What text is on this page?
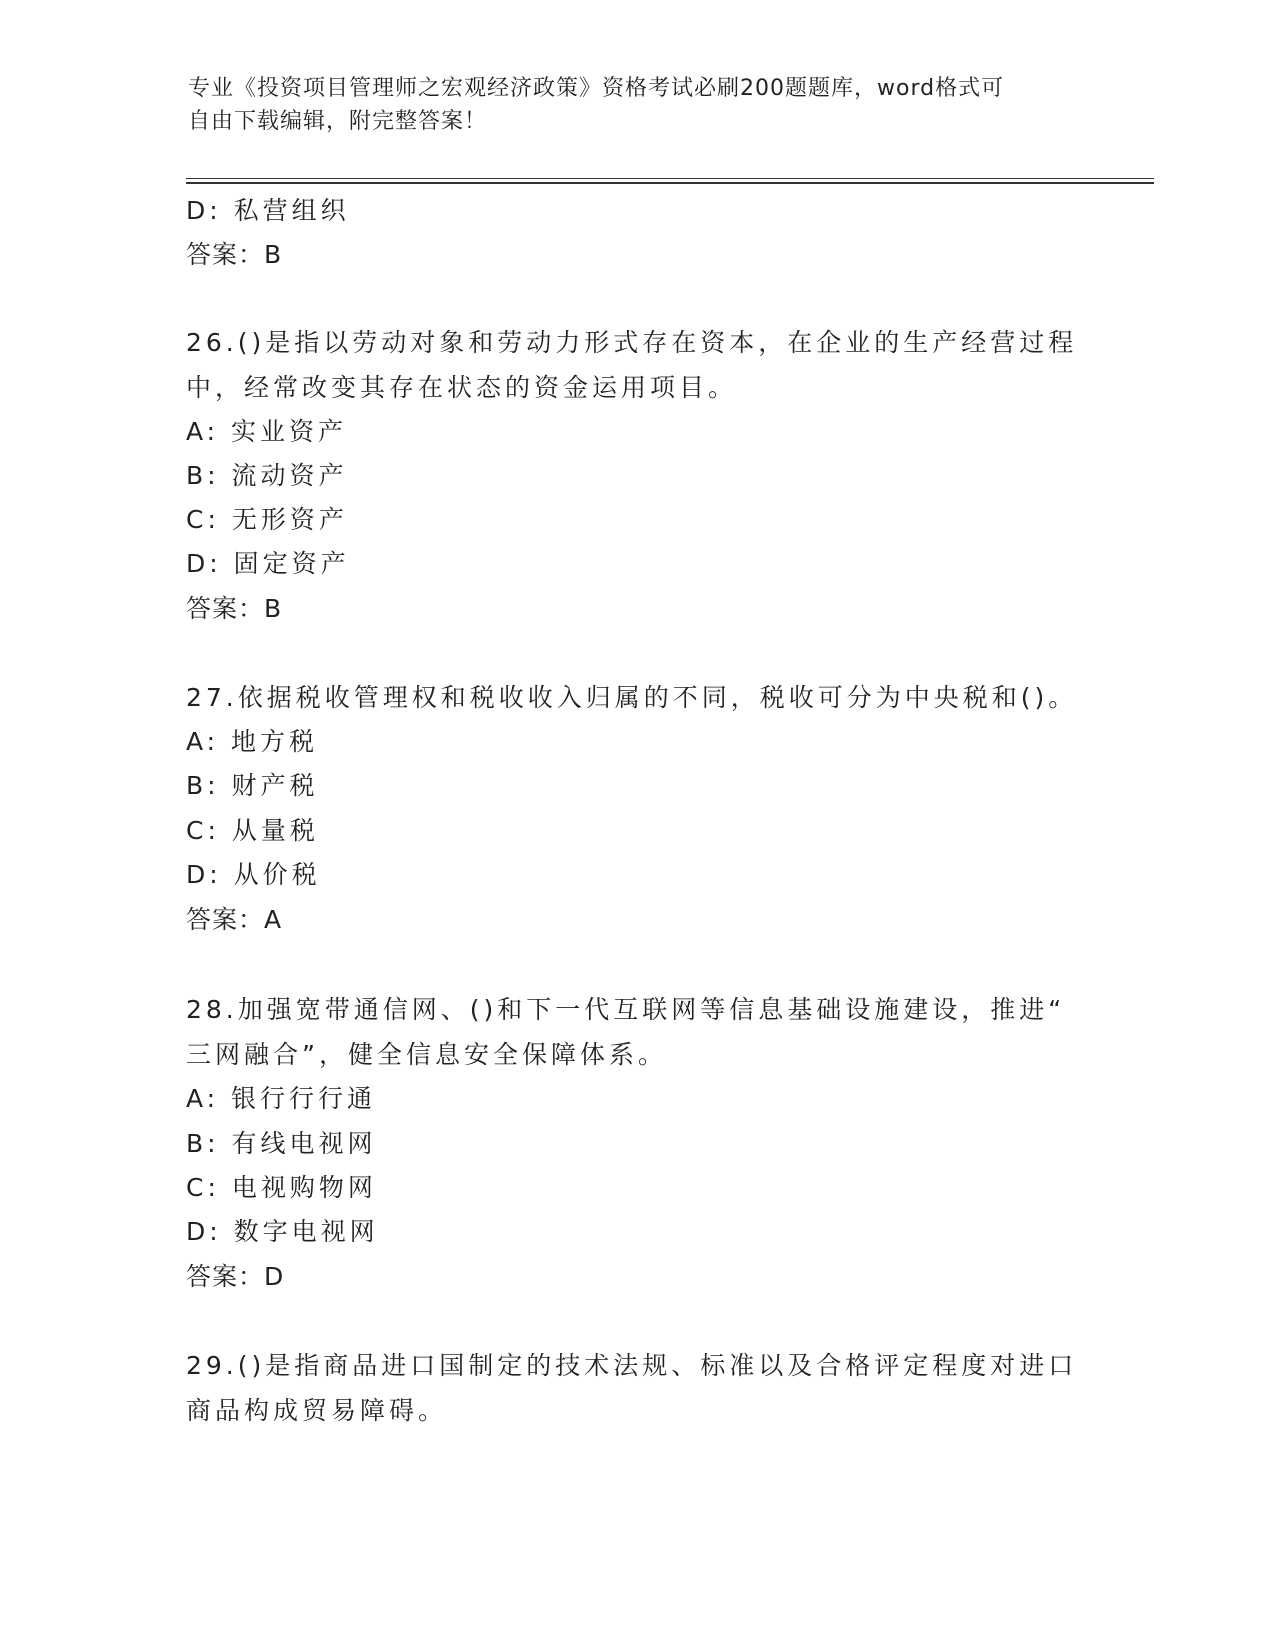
专业《投资项目管理师之宏观经济政策》资格考试必刷200题题库，word格式可
自由下载编辑，附完整答案！
D: 私营组织
答案：B
26.()是指以劳动对象和劳动力形式存在资本，在企业的生产经营过程
中，经常改变其存在状态的资金运用项目。
A: 实业资产
B: 流动资产
C: 无形资产
D: 固定资产
答案：B
27.依据税收管理权和税收收入归属的不同，税收可分为中央税和()。
A: 地方税
B: 财产税
C: 从量税
D: 从价税
答案：A
28.加强宽带通信网、()和下一代互联网等信息基础设施建设，推进“
三网融合”，健全信息安全保障体系。
A: 银行行行通
B: 有线电视网
C: 电视购物网
D: 数字电视网
答案：D
29.()是指商品进口国制定的技术法规、标准以及合格评定程度对进口
商品构成贸易障碍。
